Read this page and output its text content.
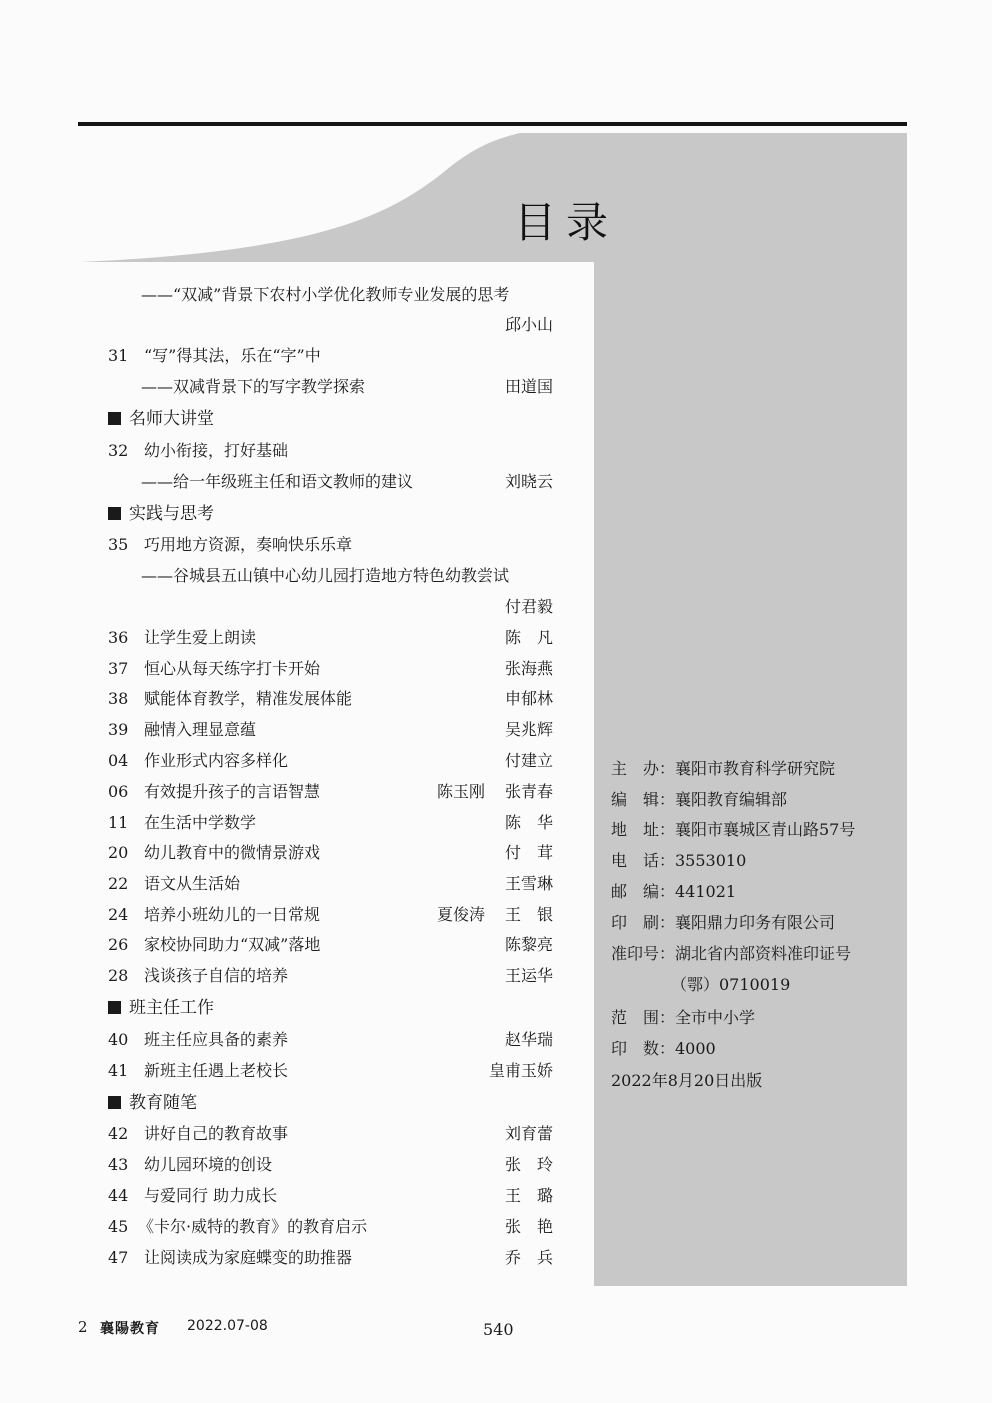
目录
——“双减”背景下农村小学优化教师专业发展的思考
邱小山
31 “写”得其法，乐在“字”中
——双减背景下的写字教学探索	田道国
名师大讲堂
32 幼小衔接，打好基础
——给一年级班主任和语文教师的建议	刘晓云
实践与思考
35 巧用地方资源，奏响快乐乐章
——谷城县五山镇中心幼儿园打造地方特色幼教尝试
付君毅
36 让学生爱上朗读	陈　凡
37 恒心从每天练字打卡开始	张海燕
38 赋能体育教学，精准发展体能	申郁林
39 融情入理显意蕴	吴兆辉
04 作业形式内容多样化	付建立
06 有效提升孩子的言语智慧	陈玉刚 张青春
11 在生活中学数学	陈　华
20 幼儿教育中的微情景游戏	付　茸
22 语文从生活始	王雪琳
24 培养小班幼儿的一日常规	夏俊涛 王　银
26 家校协同助力“双减”落地	陈黎亮
28 浅谈孩子自信的培养	王运华
班主任工作
40 班主任应具备的素养	赵华瑞
41 新班主任遇上老校长	皇甫玉娇
教育随笔
42 讲好自己的教育故事	刘育蕾
43 幼儿园环境的创设	张　玲
44 与爱同行 助力成长	王　璐
45 《卡尔·威特的教育》的教育启示	张　艳
47 让阅读成为家庭蝶变的助推器	乔　兵
主　办：襄阳市教育科学研究院
编　辑：襄阳教育编辑部
地　址：襄阳市襄城区青山路57号
电　话：3553010
邮　编：441021
印　刷：襄阳鼎力印务有限公司
准印号：湖北省内部资料准印证号
（鄂）0710019
范　围：全市中小学
印　数：4000
2022年8月20日出版
2 襄陽教育 2022.07-08	540
